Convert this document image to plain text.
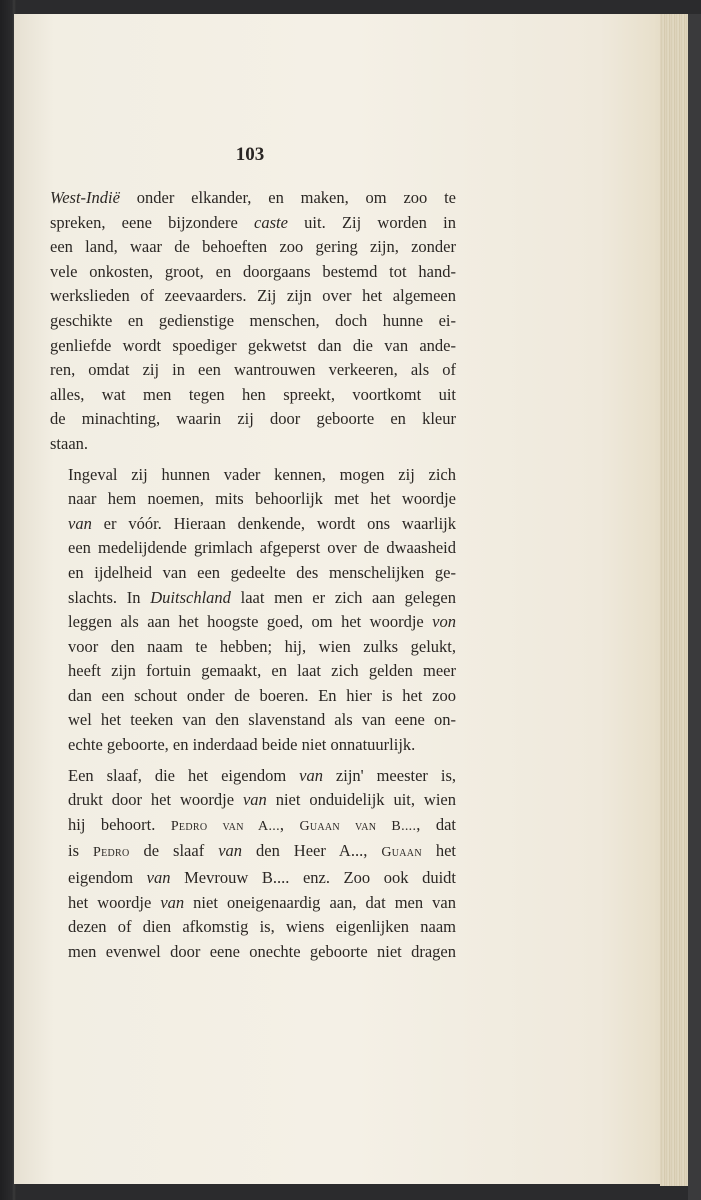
103

West-Indië onder elkander, en maken, om zoo te
spreken, eene bijzondere caste uit. Zij worden in
een land, waar de behoeften zoo gering zijn, zonder
vele onkosten, groot, en doorgaans bestemd tot hand-
werkslieden of zeevaarders. Zij zijn over het algemeen
geschikte en gedienstige menschen, doch hunne ei-
genliefde wordt spoediger gekwetst dan die van ande-
ren, omdat zij in een wantrouwen verkeeren, als of
alles, wat men tegen hen spreekt, voortkomt uit
de minachting, waarin zij door geboorte en kleur
staan.

Ingeval zij hunnen vader kennen, mogen zij zich
naar hem noemen, mits behoorlijk met het woordje
van er vóór. Hieraan denkende, wordt ons waarlijk
een medelijdende grimlach afgeperst over de dwaasheid
en ijdelheid van een gedeelte des menschelijken ge-
slachts. In Duitschland laat men er zich aan gelegen
leggen als aan het hoogste goed, om het woordje von
voor den naam te hebben; hij, wien zulks gelukt,
heeft zijn fortuin gemaakt, en laat zich gelden meer
dan een schout onder de boeren. En hier is het zoo
wel het teeken van den slavenstand als van eene on-
echte geboorte, en inderdaad beide niet onnatuurlijk.

Een slaaf, die het eigendom van zijn' meester is,
drukt door het woordje van niet onduidelijk uit, wien
hij behoort. Pedro van A..., Guaan van B...., dat
is Pedro de slaaf van den Heer A..., Guaan het
eigendom van Mevrouw B.... enz. Zoo ook duidt
het woordje van niet oneigenaardig aan, dat men van
dezen of dien afkomstig is, wiens eigenlijken naam
men evenwel door eene onechte geboorte niet dragen
